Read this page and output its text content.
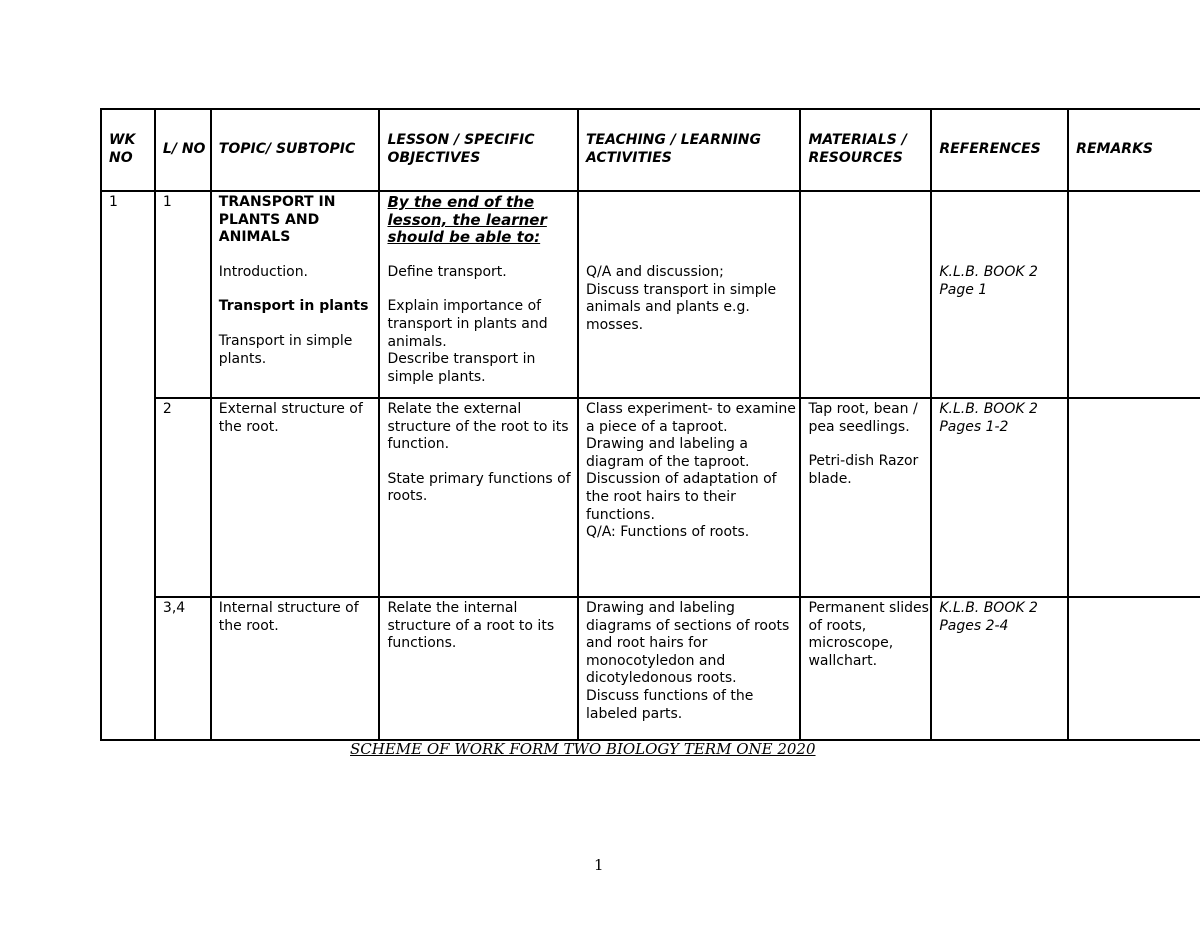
WK NO	L/ NO	TOPIC/ SUBTOPIC	LESSON / SPECIFIC OBJECTIVES	TEACHING / LEARNING ACTIVITIES	MATERIALS / RESOURCES	REFERENCES	REMARKS
1	1	TRANSPORT IN PLANTS AND ANIMALS
Introduction.
Transport in plants
Transport in simple plants.	By the end of the lesson, the learner should be able to:
Define transport.
Explain importance of transport in plants and animals.
Describe transport in simple plants.	Q/A and discussion;
Discuss transport in simple animals and plants e.g. mosses.		K.L.B. BOOK 2
Page 1	

	2	External structure of the root.	Relate the external structure of the root to its function.
State primary functions of roots.	Class experiment- to examine a piece of a taproot.
Drawing and labeling a diagram of the taproot.
Discussion of adaptation of the root hairs to their functions.
Q/A: Functions of roots.	Tap root, bean / pea seedlings.
Petri-dish Razor blade.	K.L.B. BOOK 2
Pages 1-2	

	3,4	Internal structure of the root.	Relate the internal structure of a root to its functions.	Drawing and labeling diagrams of sections of roots and root hairs for monocotyledon and dicotyledonous roots.
Discuss functions of the labeled parts.	Permanent slides of roots, microscope, wallchart.	K.L.B. BOOK 2
Pages 2-4	

SCHEME OF WORK FORM TWO BIOLOGY TERM ONE 2020
1
